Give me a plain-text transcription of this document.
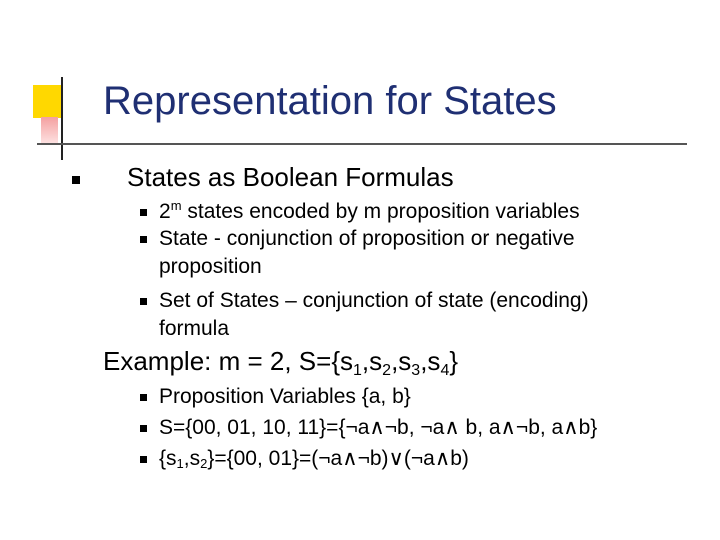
Representation for States
States as Boolean Formulas
2$^m$ states encoded by m proposition variables
State - conjunction of proposition or negative
proposition
Set of States – conjunction of state (encoding)
formula
Example: m = 2, $S=\{s_1,s_2,s_3,s_4\}$
Proposition Variables {a, b}
S={00, 01, 10, 11}={¬a∧¬b, ¬a∧ b, a∧¬b, a∧b}
$\{s_1,s_2\}=\{00$, 01}=(¬a∧¬b)∨(¬a∧b)
